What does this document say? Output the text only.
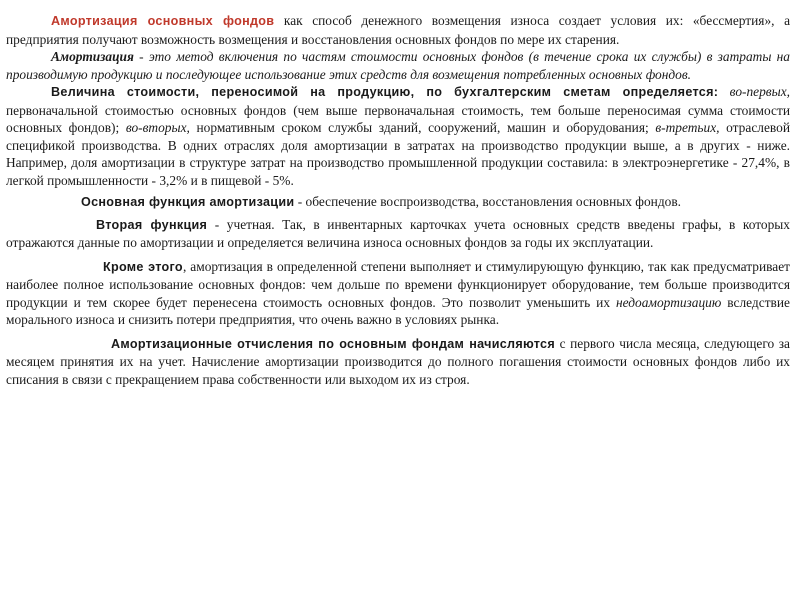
Амортизация основных фондов как способ денежного возмещения износа создает условия их: «бессмертия», а предприятия получают возможность возмещения и восстановления основных фондов по мере их старения.

Амортизация - это метод включения по частям стоимости основных фондов (в течение срока их службы) в затраты на производимую продукцию и последующее использование этих средств для возмещения потребленных основных фондов.

Величина стоимости, переносимой на продукцию, по бухгалтерским сметам определяется: во-первых, первоначальной стоимостью основных фондов (чем выше первоначальная стоимость, тем больше переносимая сумма стоимости основных фондов); во-вторых, нормативным сроком службы зданий, сооружений, машин и оборудования; в-третьих, отраслевой спецификой производства. В одних отраслях доля амортизации в затратах на производство продукции выше, а в других - ниже. Например, доля амортизации в структуре затрат на производство промышленной продукции составила: в электроэнергетике - 27,4%, в легкой промышленности - 3,2% и в пищевой - 5%.

Основная функция амортизации - обеспечение воспроизводства, восстановления основных фондов.

Вторая функция - учетная. Так, в инвентарных карточках учета основных средств введены графы, в которых отражаются данные по амортизации и определяется величина износа основных фондов за годы их эксплуатации.

Кроме этого, амортизация в определенной степени выполняет и стимулирующую функцию, так как предусматривает наиболее полное использование основных фондов: чем дольше по времени функционирует оборудование, тем больше производится продукции и тем скорее будет перенесена стоимость основных фондов. Это позволит уменьшить их недоамортизацию вследствие морального износа и снизить потери предприятия, что очень важно в условиях рынка.

Амортизационные отчисления по основным фондам начисляются с первого числа месяца, следующего за месяцем принятия их на учет. Начисление амортизации производится до полного погашения стоимости основных фондов либо их списания в связи с прекращением права собственности или выходом их из строя.
